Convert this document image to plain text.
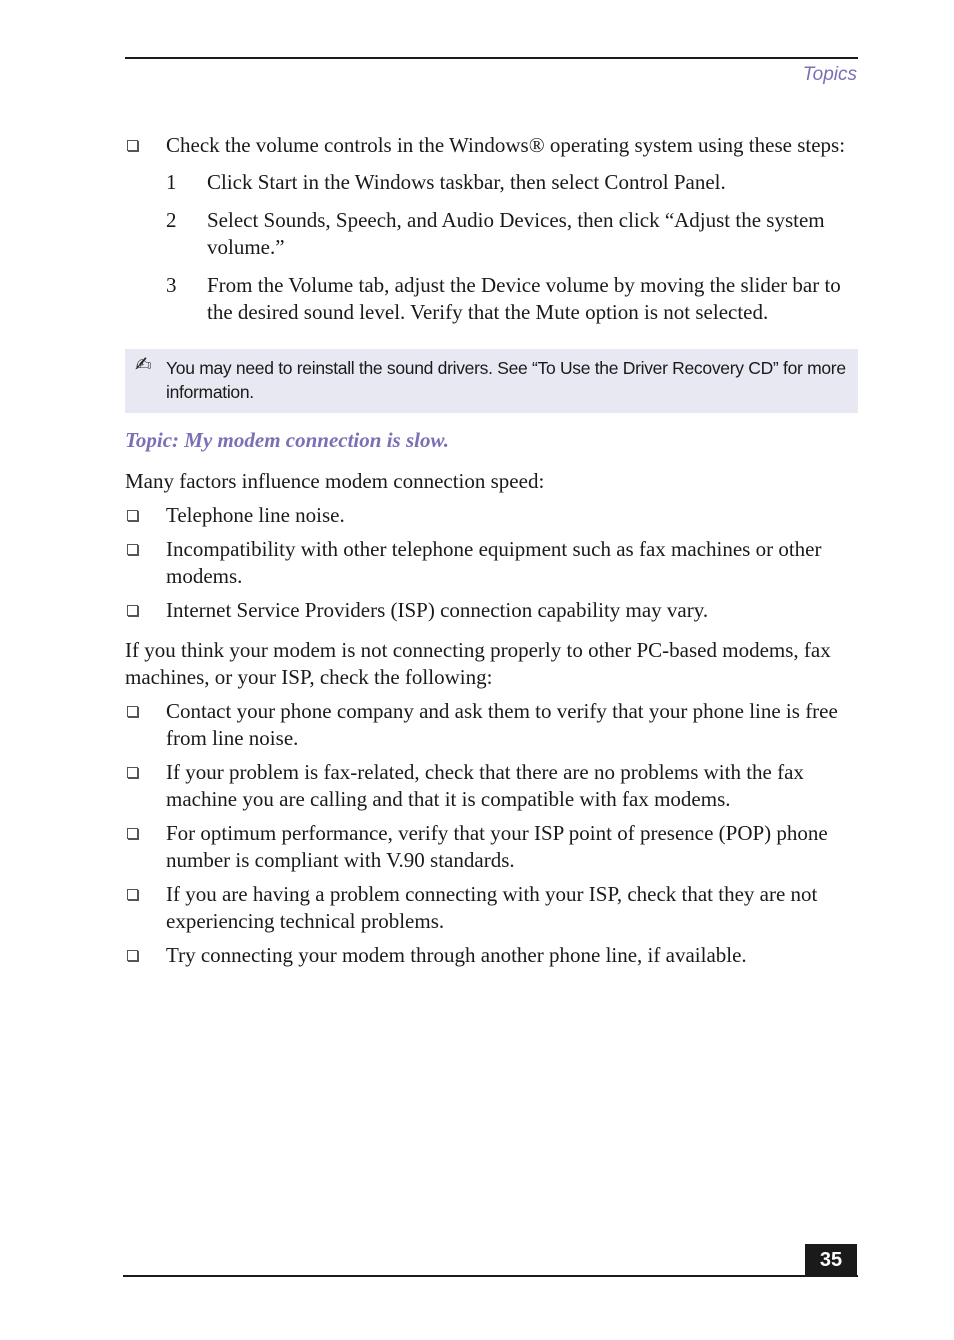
Topics
Check the volume controls in the Windows® operating system using these steps:
1 Click Start in the Windows taskbar, then select Control Panel.
2 Select Sounds, Speech, and Audio Devices, then click “Adjust the system volume.”
3 From the Volume tab, adjust the Device volume by moving the slider bar to the desired sound level. Verify that the Mute option is not selected.
✍ You may need to reinstall the sound drivers. See “To Use the Driver Recovery CD” for more information.

Topic: My modem connection is slow.

Many factors influence modem connection speed:

Telephone line noise.
Incompatibility with other telephone equipment such as fax machines or other modems.
Internet Service Providers (ISP) connection capability may vary.

If you think your modem is not connecting properly to other PC-based modems, fax machines, or your ISP, check the following:

Contact your phone company and ask them to verify that your phone line is free from line noise.
If your problem is fax-related, check that there are no problems with the fax machine you are calling and that it is compatible with fax modems.
For optimum performance, verify that your ISP point of presence (POP) phone number is compliant with V.90 standards.
If you are having a problem connecting with your ISP, check that they are not experiencing technical problems.
Try connecting your modem through another phone line, if available.
35
